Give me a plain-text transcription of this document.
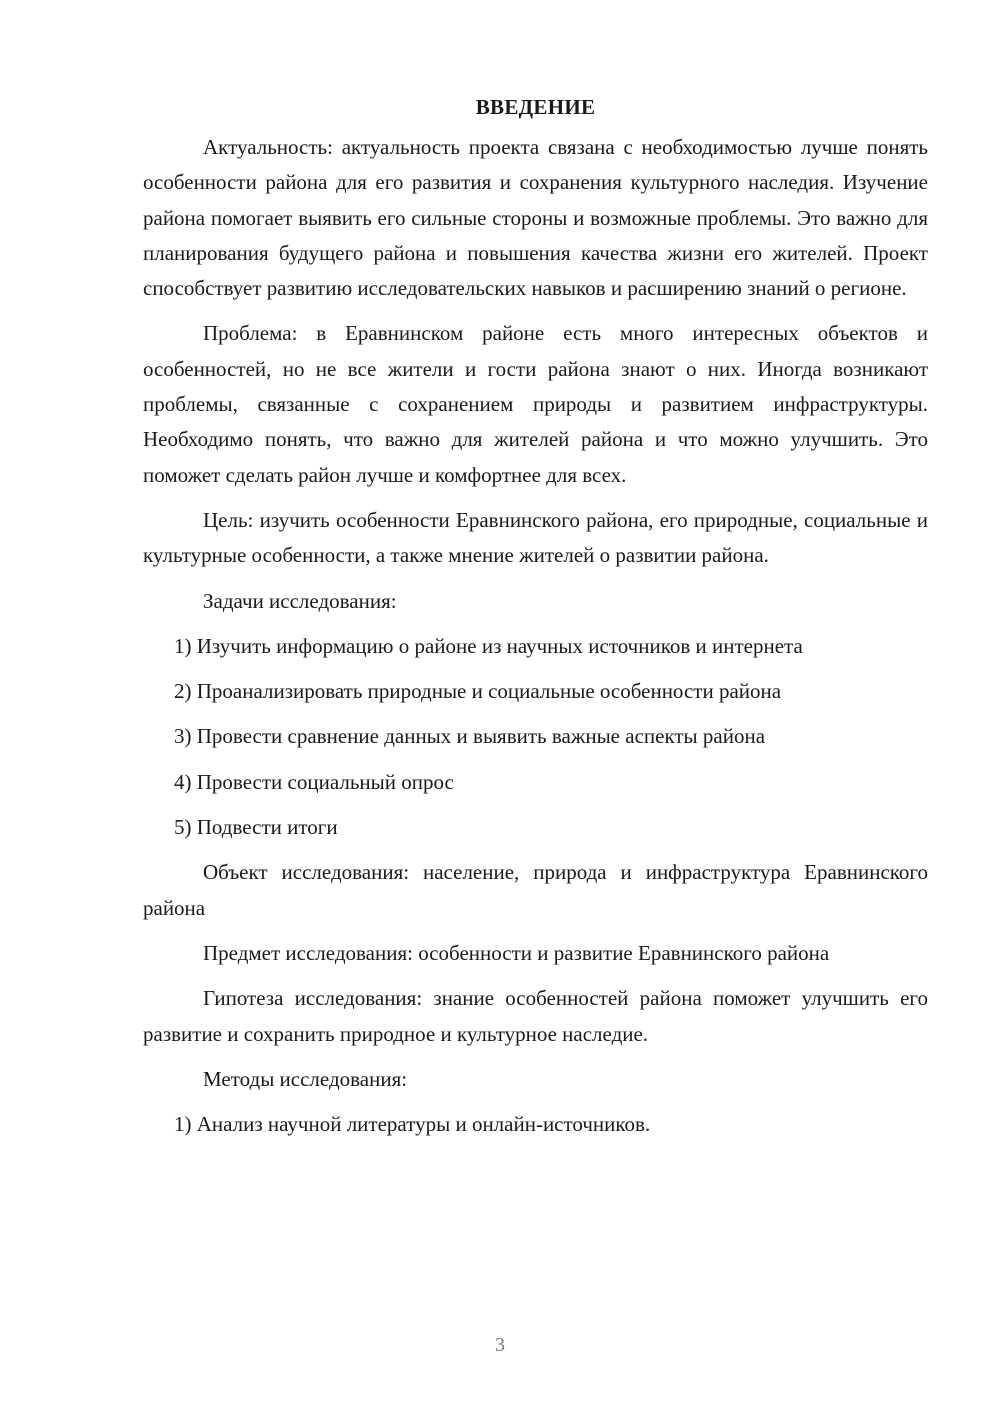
ВВЕДЕНИЕ

Актуальность: актуальность проекта связана с необходимостью лучше понять особенности района для его развития и сохранения культурного наследия. Изучение района помогает выявить его сильные стороны и возможные проблемы. Это важно для планирования будущего района и повышения качества жизни его жителей. Проект способствует развитию исследовательских навыков и расширению знаний о регионе.

Проблема: в Еравнинском районе есть много интересных объектов и особенностей, но не все жители и гости района знают о них. Иногда возникают проблемы, связанные с сохранением природы и развитием инфраструктуры. Необходимо понять, что важно для жителей района и что можно улучшить. Это поможет сделать район лучше и комфортнее для всех.

Цель: изучить особенности Еравнинского района, его природные, социальные и культурные особенности, а также мнение жителей о развитии района.

Задачи исследования:

1) Изучить информацию о районе из научных источников и интернета

2) Проанализировать природные и социальные особенности района

3) Провести сравнение данных и выявить важные аспекты района

4) Провести социальный опрос

5) Подвести итоги

Объект исследования: население, природа и инфраструктура Еравнинского района

Предмет исследования: особенности и развитие Еравнинского района

Гипотеза исследования: знание особенностей района поможет улучшить его развитие и сохранить природное и культурное наследие.

Методы исследования:

1) Анализ научной литературы и онлайн-источников.

3
